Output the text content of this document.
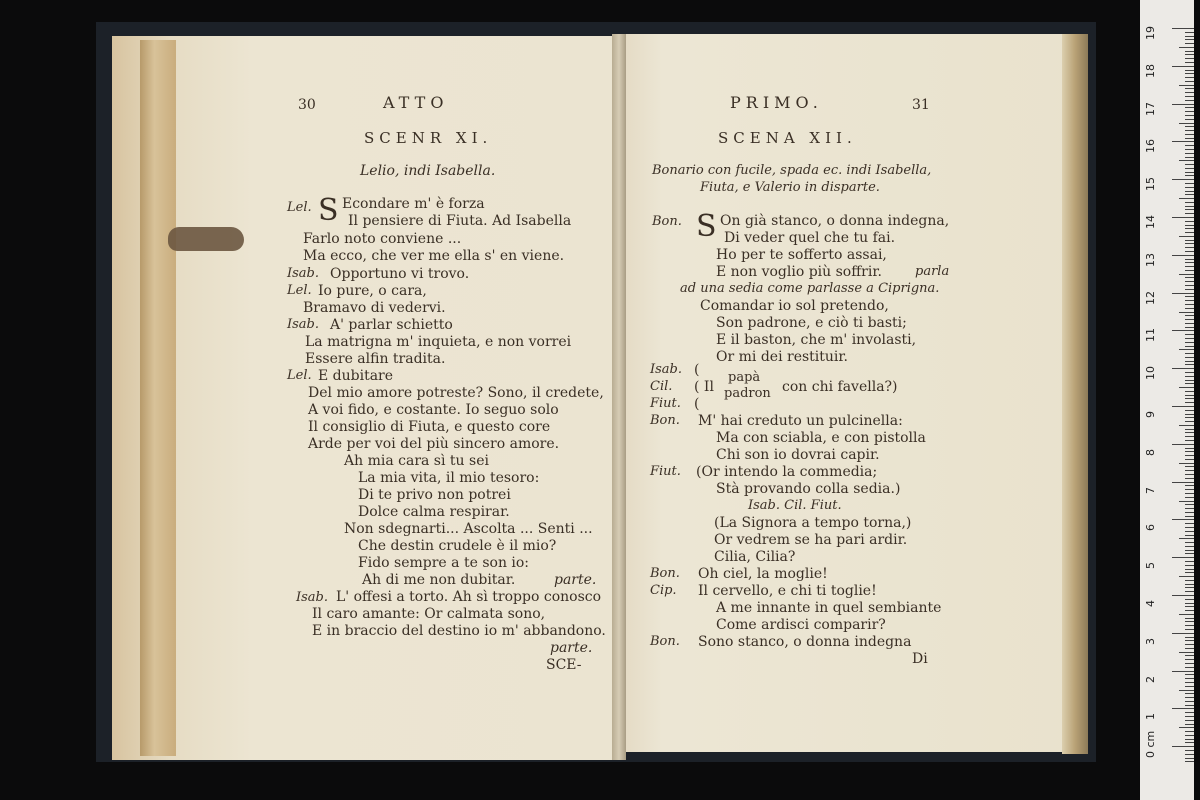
30	ATTO
SCENR XI.
Lelio, indi Isabella.
Lel. S Econdare m' è forza
Il pensiere di Fiuta. Ad Isabella
Farlo noto conviene ...
Ma ecco, che ver me ella s' en viene.
Isab. Opportuno vi trovo.
Lel. Io pure, o cara,
Bramavo di vedervi.
Isab. A' parlar schietto
La matrigna m' inquieta, e non vorrei
Essere alfin tradita.
Lel. E dubitare
Del mio amore potreste? Sono, il credete,
A voi fido, e costante. Io seguo solo
Il consiglio di Fiuta, e questo core
Arde per voi del più sincero amore.
Ah mia cara sì tu sei
La mia vita, il mio tesoro:
Di te privo non potrei
Dolce calma respirar.
Non sdegnarti... Ascolta ... Senti ...
Che destin crudele è il mio?
Fido sempre a te son io:
Ah di me non dubitar.	parte.
Isab. L' offesi a torto. Ah sì troppo conosco
Il caro amante: Or calmata sono,
E in braccio del destino io m' abbandono.
parte.
SCE-
PRIMO.	31
SCENA XII.
Bonario con fucile, spada ec. indi Isabella,
Fiuta, e Valerio in disparte.
Bon. S On già stanco, o donna indegna,
Di veder quel che tu fai.
Ho per te sofferto assai,
E non voglio più soffrir.	parla
ad una sedia come parlasse a Ciprigna.
Comandar io sol pretendo,
Son padrone, e ciò ti basti;
E il baston, che m' involasti,
Or mi dei restituir.
Isab. (
Cil. ( Il
papà
padron con chi favella?)
Fiut. (
Bon. M' hai creduto un pulcinella:
Ma con sciabla, e con pistolla
Chi son io dovrai capir.
Fiut. (Or intendo la commedia;
Stà provando colla sedia.)
Isab. Cil. Fiut.
(La Signora a tempo torna,)
Or vedrem se ha pari ardir.
Cilia, Cilia?
Bon. Oh ciel, la moglie!
Cip. Il cervello, e chi ti toglie!
A me innante in quel sembiante
Come ardisci comparir?
Bon. Sono stanco, o donna indegna
Di
19
18
17
16
15
14
13
12
11
10
9
8
7
6
5
4
3
2
1
0 cm
